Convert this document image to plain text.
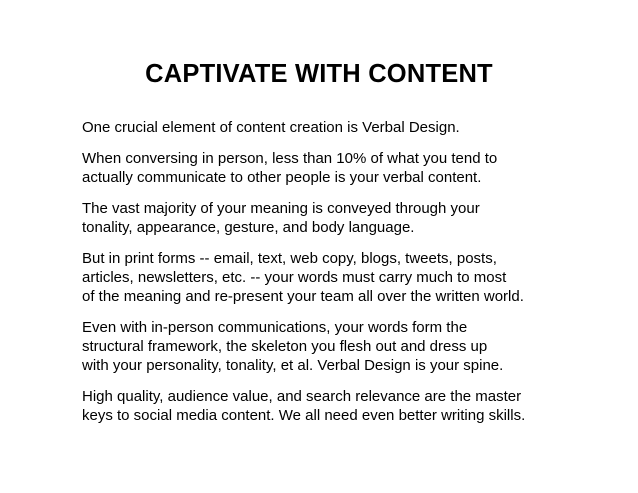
CAPTIVATE WITH CONTENT

One crucial element of content creation is Verbal Design.

When conversing in person, less than 10% of what you tend to
actually communicate to other people is your verbal content.

The vast majority of your meaning is conveyed through your
tonality, appearance, gesture, and body language.

But in print forms -- email, text, web copy, blogs, tweets, posts,
articles, newsletters, etc. -- your words must carry much to most
of the meaning and re-present your team all over the written world.

Even with in-person communications, your words form the
structural framework, the skeleton you flesh out and dress up
with your personality, tonality, et al. Verbal Design is your spine.

High quality, audience value, and search relevance are the master
keys to social media content. We all need even better writing skills.
